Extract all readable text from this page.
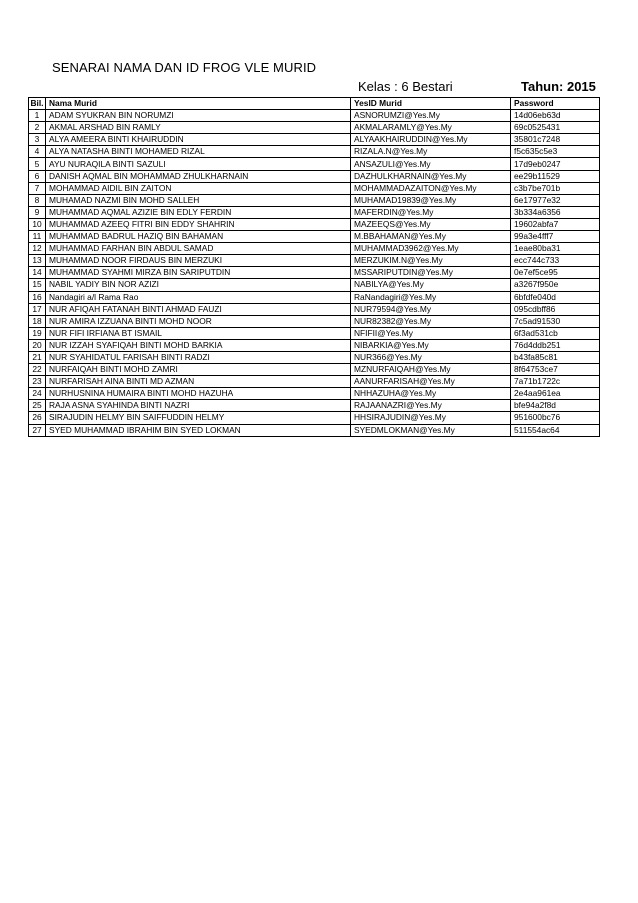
SENARAI NAMA DAN ID FROG VLE MURID
Kelas : 6 Bestari	Tahun: 2015
Bil.	Nama Murid	YesID Murid	Password
1	ADAM SYUKRAN BIN NORUMZI	ASNORUMZI@Yes.My	14d06eb63d
2	AKMAL ARSHAD BIN RAMLY	AKMALARAMLY@Yes.My	69c0525431
3	ALYA AMEERA BINTI KHAIRUDDIN	ALYAAKHAIRUDDIN@Yes.My	35801c7248
4	ALYA NATASHA BINTI MOHAMED RIZAL	RIZALA.N@Yes.My	f5c635c5e3
5	AYU NURAQILA BINTI SAZULI	ANSAZULI@Yes.My	17d9eb0247
6	DANISH AQMAL BIN MOHAMMAD ZHULKHARNAIN	DAZHULKHARNAIN@Yes.My	ee29b11529
7	MOHAMMAD AIDIL BIN ZAITON	MOHAMMADAZAITON@Yes.My	c3b7be701b
8	MUHAMAD NAZMI BIN MOHD SALLEH	MUHAMAD19839@Yes.My	6e17977e32
9	MUHAMMAD AQMAL AZIZIE BIN EDLY FERDIN	MAFERDIN@Yes.My	3b334a6356
10	MUHAMMAD AZEEQ FITRI BIN EDDY SHAHRIN	MAZEEQS@Yes.My	19602abfa7
11	MUHAMMAD BADRUL HAZIQ BIN BAHAMAN	M.BBAHAMAN@Yes.My	99a3e4fff7
12	MUHAMMAD FARHAN BIN ABDUL SAMAD	MUHAMMAD3962@Yes.My	1eae80ba31
13	MUHAMMAD NOOR FIRDAUS BIN MERZUKI	MERZUKIM.N@Yes.My	ecc744c733
14	MUHAMMAD SYAHMI MIRZA BIN SARIPUTDIN	MSSARIPUTDIN@Yes.My	0e7ef5ce95
15	NABIL YADIY BIN NOR AZIZI	NABILYA@Yes.My	a3267f950e
16	Nandagiri a/l Rama Rao	RaNandagiri@Yes.My	6bfdfe040d
17	NUR AFIQAH FATANAH BINTI AHMAD FAUZI	NUR79594@Yes.My	095cdbff86
18	NUR AMIRA IZZUANA BINTI MOHD NOOR	NUR82382@Yes.My	7c5ad91530
19	NUR FIFI IRFIANA BT ISMAIL	NFIFII@Yes.My	6f3ad531cb
20	NUR IZZAH SYAFIQAH BINTI MOHD BARKIA	NIBARKIA@Yes.My	76d4ddb251
21	NUR SYAHIDATUL FARISAH BINTI RADZI	NUR366@Yes.My	b43fa85c81
22	NURFAIQAH BINTI MOHD ZAMRI	MZNURFAIQAH@Yes.My	8f64753ce7
23	NURFARISAH AINA BINTI MD AZMAN	AANURFARISAH@Yes.My	7a71b1722c
24	NURHUSNINA HUMAIRA BINTI MOHD HAZUHA	NHHAZUHA@Yes.My	2e4aa961ea
25	RAJA ASNA SYAHINDA BINTI NAZRI	RAJAANAZRI@Yes.My	bfe94a2f8d
26	SIRAJUDIN HELMY BIN SAIFFUDDIN HELMY	HHSIRAJUDIN@Yes.My	951600bc76
27	SYED MUHAMMAD IBRAHIM BIN SYED LOKMAN	SYEDMLOKMAN@Yes.My	511554ac64
